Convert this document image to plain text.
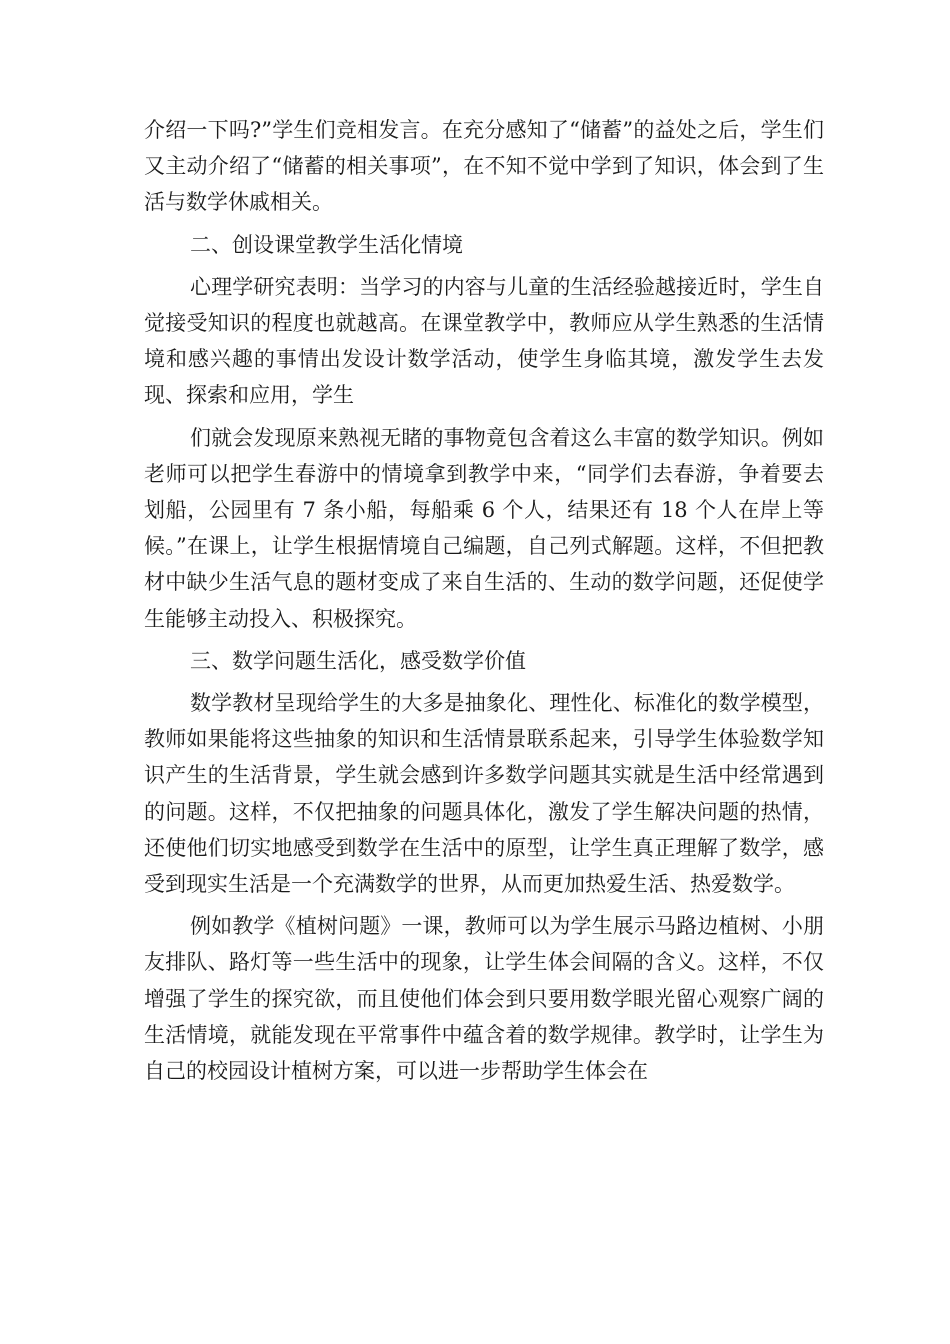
介绍一下吗?”学生们竞相发言。在充分感知了“储蓄”的益处之后，学生们又主动介绍了“储蓄的相关事项”，在不知不觉中学到了知识，体会到了生活与数学休戚相关。

二、创设课堂教学生活化情境

心理学研究表明：当学习的内容与儿童的生活经验越接近时，学生自觉接受知识的程度也就越高。在课堂教学中，教师应从学生熟悉的生活情境和感兴趣的事情出发设计数学活动，使学生身临其境，激发学生去发现、探索和应用，学生

们就会发现原来熟视无睹的事物竟包含着这么丰富的数学知识。例如老师可以把学生春游中的情境拿到教学中来，“同学们去春游，争着要去划船，公园里有 7 条小船，每船乘 6 个人，结果还有 18 个人在岸上等候。”在课上，让学生根据情境自己编题，自己列式解题。这样，不但把教材中缺少生活气息的题材变成了来自生活的、生动的数学问题，还促使学生能够主动投入、积极探究。

三、数学问题生活化，感受数学价值

数学教材呈现给学生的大多是抽象化、理性化、标准化的数学模型，教师如果能将这些抽象的知识和生活情景联系起来，引导学生体验数学知识产生的生活背景，学生就会感到许多数学问题其实就是生活中经常遇到的问题。这样，不仅把抽象的问题具体化，激发了学生解决问题的热情，还使他们切实地感受到数学在生活中的原型，让学生真正理解了数学，感受到现实生活是一个充满数学的世界，从而更加热爱生活、热爱数学。

例如教学《植树问题》一课，教师可以为学生展示马路边植树、小朋友排队、路灯等一些生活中的现象，让学生体会间隔的含义。这样，不仅增强了学生的探究欲，而且使他们体会到只要用数学眼光留心观察广阔的生活情境，就能发现在平常事件中蕴含着的数学规律。教学时，让学生为自己的校园设计植树方案，可以进一步帮助学生体会在
